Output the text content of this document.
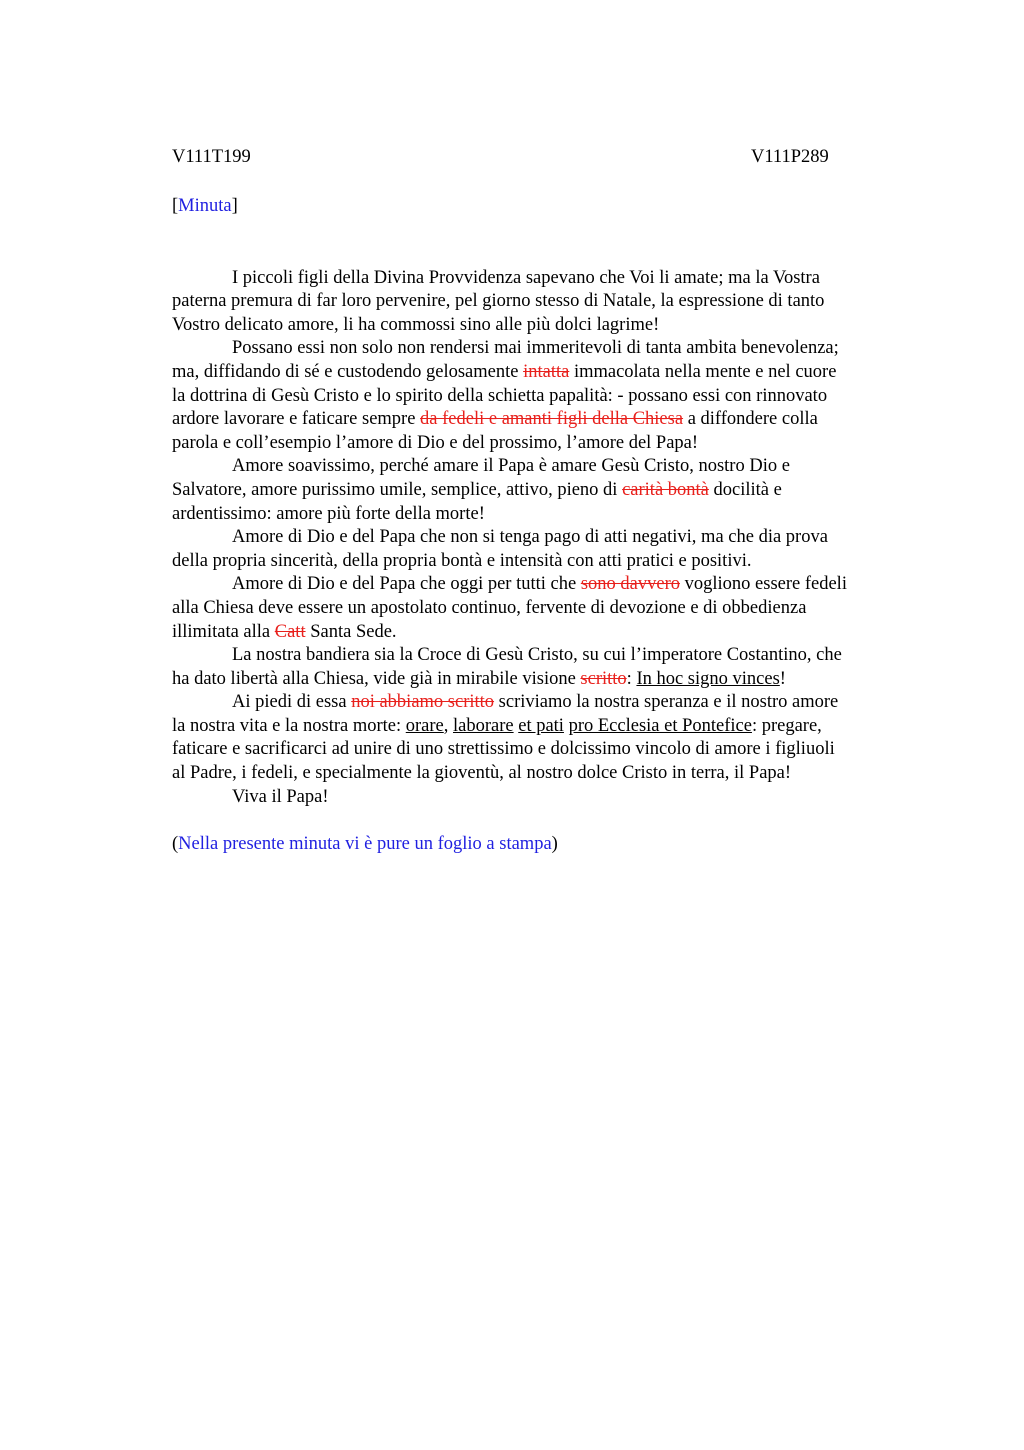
V111T199	V111P289
[Minuta]
I piccoli figli della Divina Provvidenza sapevano che Voi li amate; ma la Vostra
paterna premura di far loro pervenire, pel giorno stesso di Natale, la espressione di tanto
Vostro delicato amore, li ha commossi sino alle più dolci lagrime!
Possano essi non solo non rendersi mai immeritevoli di tanta ambita benevolenza;
ma, diffidando di sé e custodendo gelosamente intatta immacolata nella mente e nel cuore
la dottrina di Gesù Cristo e lo spirito della schietta papalità: - possano essi con rinnovato
ardore lavorare e faticare sempre da fedeli e amanti figli della Chiesa a diffondere colla
parola e coll’esempio l’amore di Dio e del prossimo, l’amore del Papa!
Amore soavissimo, perché amare il Papa è amare Gesù Cristo, nostro Dio e
Salvatore, amore purissimo umile, semplice, attivo, pieno di carità bontà docilità e
ardentissimo: amore più forte della morte!
Amore di Dio e del Papa che non si tenga pago di atti negativi, ma che dia prova
della propria sincerità, della propria bontà e intensità con atti pratici e positivi.
Amore di Dio e del Papa che oggi per tutti che sono davvero vogliono essere fedeli
alla Chiesa deve essere un apostolato continuo, fervente di devozione e di obbedienza
illimitata alla Catt Santa Sede.
La nostra bandiera sia la Croce di Gesù Cristo, su cui l’imperatore Costantino, che
ha dato libertà alla Chiesa, vide già in mirabile visione scritto: In hoc signo vinces!
Ai piedi di essa noi abbiamo scritto scriviamo la nostra speranza e il nostro amore
la nostra vita e la nostra morte: orare, laborare et pati pro Ecclesia et Pontefice: pregare,
faticare e sacrificarci ad unire di uno strettissimo e dolcissimo vincolo di amore i figliuoli
al Padre, i fedeli, e specialmente la gioventù, al nostro dolce Cristo in terra, il Papa!
Viva il Papa!
(Nella presente minuta vi è pure un foglio a stampa)
